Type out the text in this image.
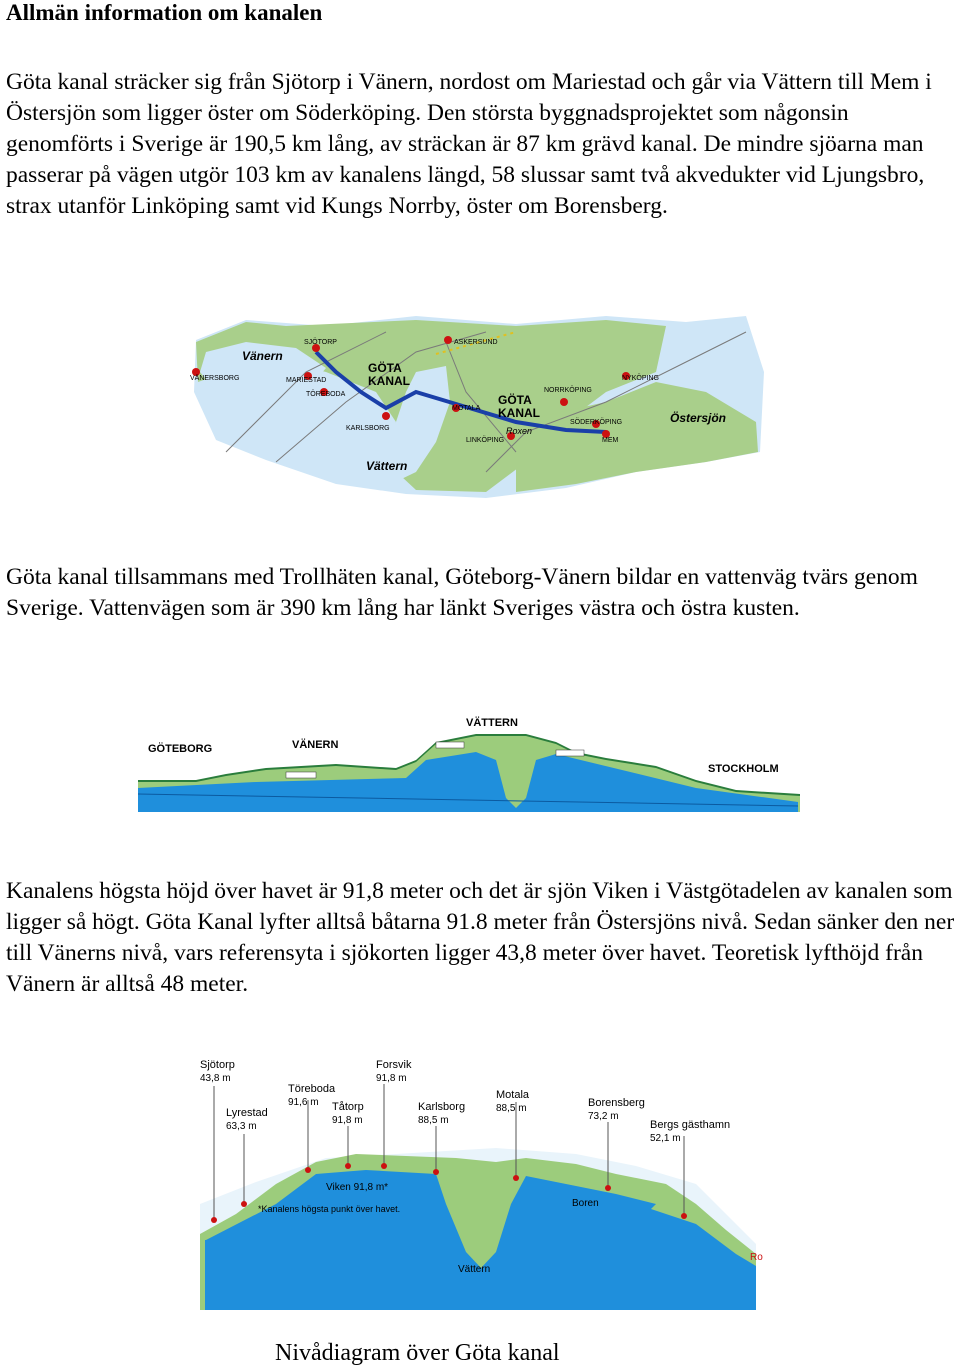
Allmän information om kanalen
Göta kanal sträcker sig från Sjötorp i Vänern, nordost om Mariestad och går via Vättern till Mem i Östersjön som ligger öster om Söderköping. Den största byggnadsprojektet som någonsin genomförts i Sverige är 190,5 km lång, av sträckan är 87 km grävd kanal. De mindre sjöarna man passerar på vägen utgör 103 km av kanalens längd, 58 slussar samt två akvedukter vid Ljungsbro, strax utanför Linköping samt vid Kungs Norrby, öster om Borensberg.
Vänern
Vättern
Östersjön
GÖTA
KANAL
GÖTA
KANAL
Roxen
SJÖTORP
MARIESTAD
TÖREBODA
KARLSBORG
ASKERSUND
MOTALA
LINKÖPING
NORRKÖPING
NYKÖPING
SÖDERKÖPING
MEM
VÄNERSBORG
Göta kanal tillsammans med Trollhäten kanal, Göteborg-Vänern bildar en vattenväg tvärs genom Sverige. Vattenvägen som är 390 km lång har länkt Sveriges västra och östra kusten.
GÖTEBORG	VÄNERN
VÄTTERN
STOCKHOLM
Kanalens högsta höjd över havet är 91,8 meter och det är sjön Viken i Västgötadelen av kanalen som ligger så högt. Göta Kanal lyfter alltså båtarna 91.8 meter från Östersjöns nivå. Sedan sänker den ner till Vänerns nivå, vars referensyta i sjökorten ligger 43,8 meter över havet. Teoretisk lyfthöjd från Vänern är alltså 48 meter.
Sjötorp
43,8 m
Lyrestad
63,3 m
Töreboda
91,6 m Tåtorp
91,8 m
Forsvik
91,8 m
Karlsborg
88,5 m
Motala
88,5 m	Borensberg
73,2 m
Bergs gästhamn
52,1 m
Viken 91,8 m*
*Kanalens högsta punkt över havet.	Boren
Vättern
Ro
Nivådiagram över Göta kanal
